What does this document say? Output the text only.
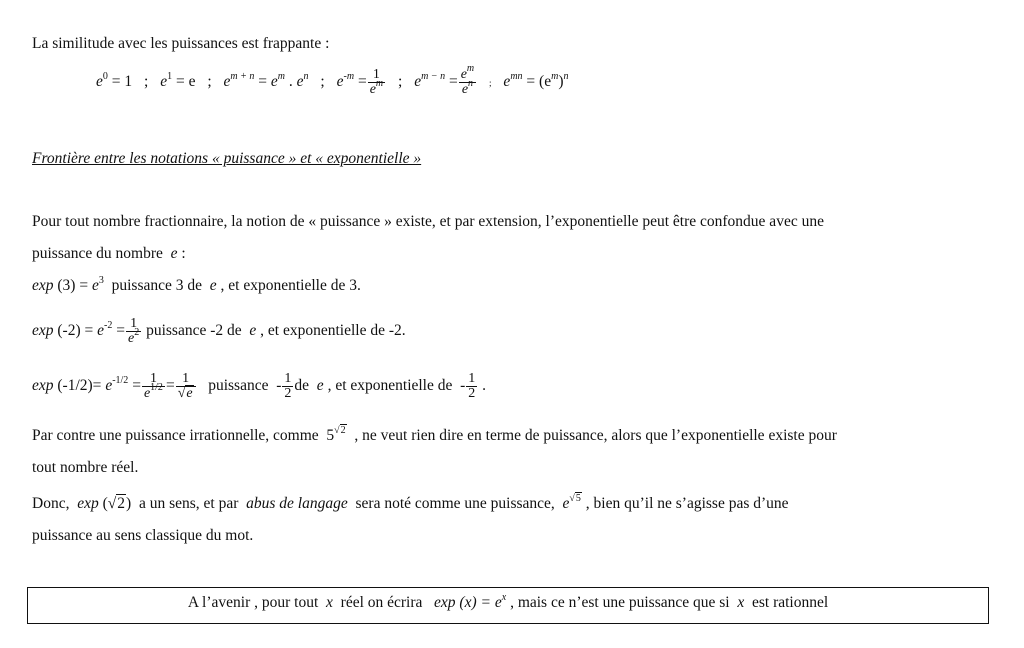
La similitude avec les puissances est frappante :
$e^0 = 1$ ; $e^1 = e$ ; $e^{m + n} = e^m$ . $e^n$ ; $e^{-m} = \frac{1}{e^m}$ ; $e^{m - n} = \frac{e^m}{e^n}$ ; $e^{mn} = (e^m)^n$
Frontière entre les notations « puissance » et « exponentielle »
Pour tout nombre fractionnaire, la notion de « puissance » existe, et par extension, l’exponentielle peut être confondue avec une
puissance du nombre e :
$\exp (3) = e^3$ puissance 3 de e , et exponentielle de 3.
$\exp (-2) = e^{-2} = \frac{1}{e^2}$ puissance -2 de e , et exponentielle de -2.
$\exp (-1/2)= e^{-1/2} = \frac{1}{e^{1/2}} = \frac{1}{√e}$ puissance - $\frac{1}{2}$ de e , et exponentielle de - $\frac{1}{2}$ .
Par contre une puissance irrationnelle, comme $5^{√2}$ , ne veut rien dire en terme de puissance, alors que l’exponentielle existe pour
tout nombre réel.
Donc, exp (√2) a un sens, et par abus de langage sera noté comme une puissance, $e^{√5}$ , bien qu’il ne s’agisse pas d’une
puissance au sens classique du mot.
A l’avenir , pour tout x réel on écrira $\exp (x) = e^x$ , mais ce n’est une puissance que si x est rationnel
